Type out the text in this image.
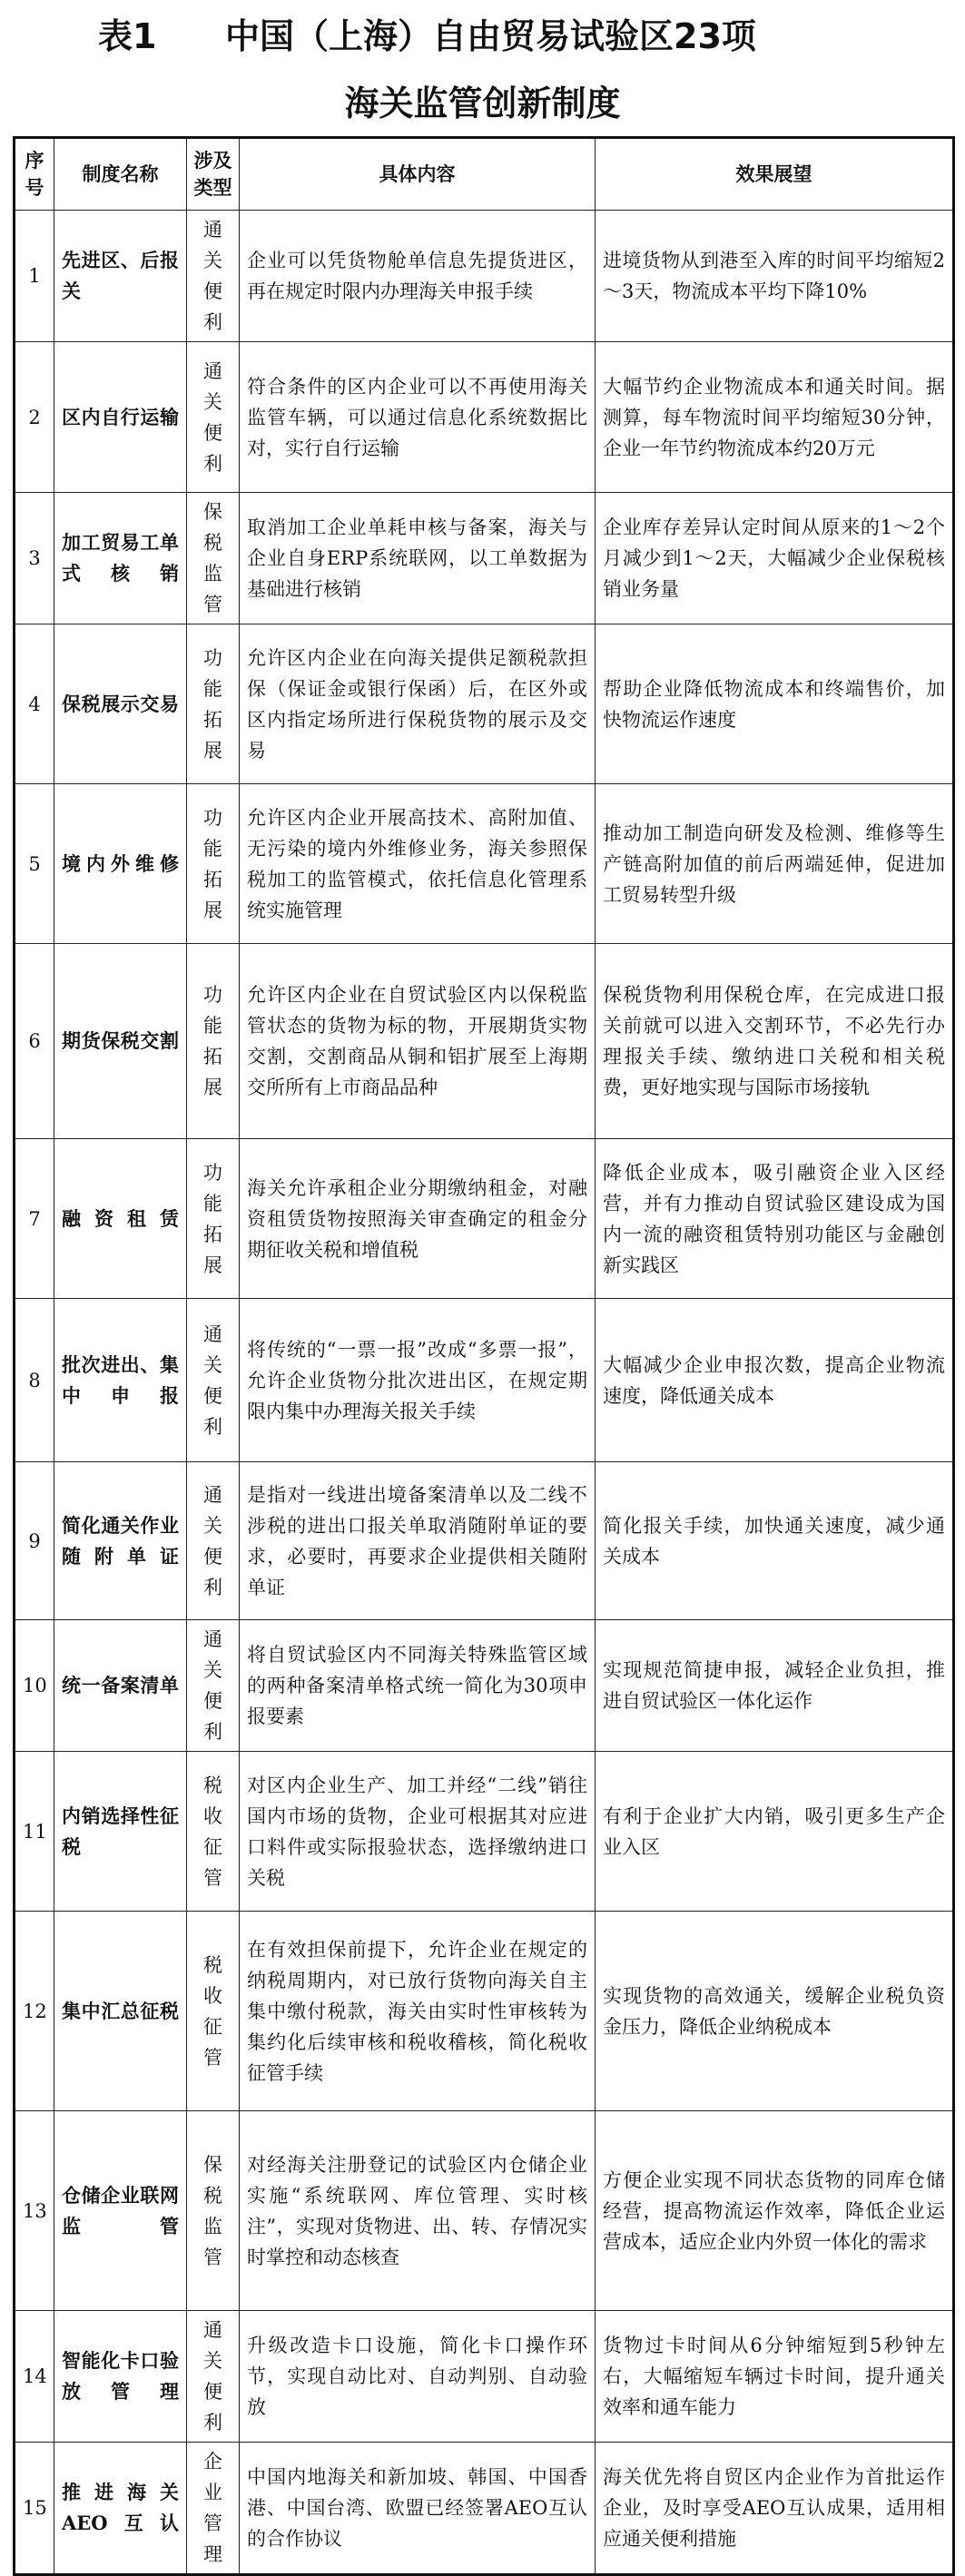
表1 中国（上海）自由贸易试验区23项
海关监管创新制度
序号	制度名称	涉及类型	具体内容	效果展望
1	先进区、后报关	通关便利	企业可以凭货物舱单信息先提货进区，再在规定时限内办理海关申报手续	进境货物从到港至入库的时间平均缩短2～3天，物流成本平均下降10%
2	区内自行运输	通关便利	符合条件的区内企业可以不再使用海关监管车辆，可以通过信息化系统数据比对，实行自行运输	大幅节约企业物流成本和通关时间。据测算，每车物流时间平均缩短30分钟，企业一年节约物流成本约20万元
3	加工贸易工单式核销	保税监管	取消加工企业单耗申核与备案，海关与企业自身ERP系统联网，以工单数据为基础进行核销	企业库存差异认定时间从原来的1～2个月减少到1～2天，大幅减少企业保税核销业务量
4	保税展示交易	功能拓展	允许区内企业在向海关提供足额税款担保（保证金或银行保函）后，在区外或区内指定场所进行保税货物的展示及交易	帮助企业降低物流成本和终端售价，加快物流运作速度
5	境内外维修	功能拓展	允许区内企业开展高技术、高附加值、无污染的境内外维修业务，海关参照保税加工的监管模式，依托信息化管理系统实施管理	推动加工制造向研发及检测、维修等生产链高附加值的前后两端延伸，促进加工贸易转型升级
6	期货保税交割	功能拓展	允许区内企业在自贸试验区内以保税监管状态的货物为标的物，开展期货实物交割，交割商品从铜和铝扩展至上海期交所所有上市商品品种	保税货物利用保税仓库，在完成进口报关前就可以进入交割环节，不必先行办理报关手续、缴纳进口关税和相关税费，更好地实现与国际市场接轨
7	融资租赁	功能拓展	海关允许承租企业分期缴纳租金，对融资租赁货物按照海关审查确定的租金分期征收关税和增值税	降低企业成本，吸引融资企业入区经营，并有力推动自贸试验区建设成为国内一流的融资租赁特别功能区与金融创新实践区
8	批次进出、集中申报	通关便利	将传统的“一票一报”改成“多票一报”，允许企业货物分批次进出区，在规定期限内集中办理海关报关手续	大幅减少企业申报次数，提高企业物流速度，降低通关成本
9	简化通关作业随附单证	通关便利	是指对一线进出境备案清单以及二线不涉税的进出口报关单取消随附单证的要求，必要时，再要求企业提供相关随附单证	简化报关手续，加快通关速度，减少通关成本
10	统一备案清单	通关便利	将自贸试验区内不同海关特殊监管区域的两种备案清单格式统一简化为30项申报要素	实现规范简捷申报，减轻企业负担，推进自贸试验区一体化运作
11	内销选择性征税	税收征管	对区内企业生产、加工并经“二线”销往国内市场的货物，企业可根据其对应进口料件或实际报验状态，选择缴纳进口关税	有利于企业扩大内销，吸引更多生产企业入区
12	集中汇总征税	税收征管	在有效担保前提下，允许企业在规定的纳税周期内，对已放行货物向海关自主集中缴付税款，海关由实时性审核转为集约化后续审核和税收稽核，简化税收征管手续	实现货物的高效通关，缓解企业税负资金压力，降低企业纳税成本
13	仓储企业联网监管	保税监管	对经海关注册登记的试验区内仓储企业实施“系统联网、库位管理、实时核注”，实现对货物进、出、转、存情况实时掌控和动态核查	方便企业实现不同状态货物的同库仓储经营，提高物流运作效率，降低企业运营成本，适应企业内外贸一体化的需求
14	智能化卡口验放管理	通关便利	升级改造卡口设施，简化卡口操作环节，实现自动比对、自动判别、自动验放	货物过卡时间从6分钟缩短到5秒钟左右，大幅缩短车辆过卡时间，提升通关效率和通车能力
15	推进海关AEO互认	企业管理	中国内地海关和新加坡、韩国、中国香港、中国台湾、欧盟已经签署AEO互认的合作协议	海关优先将自贸区内企业作为首批运作企业，及时享受AEO互认成果，适用相应通关便利措施
